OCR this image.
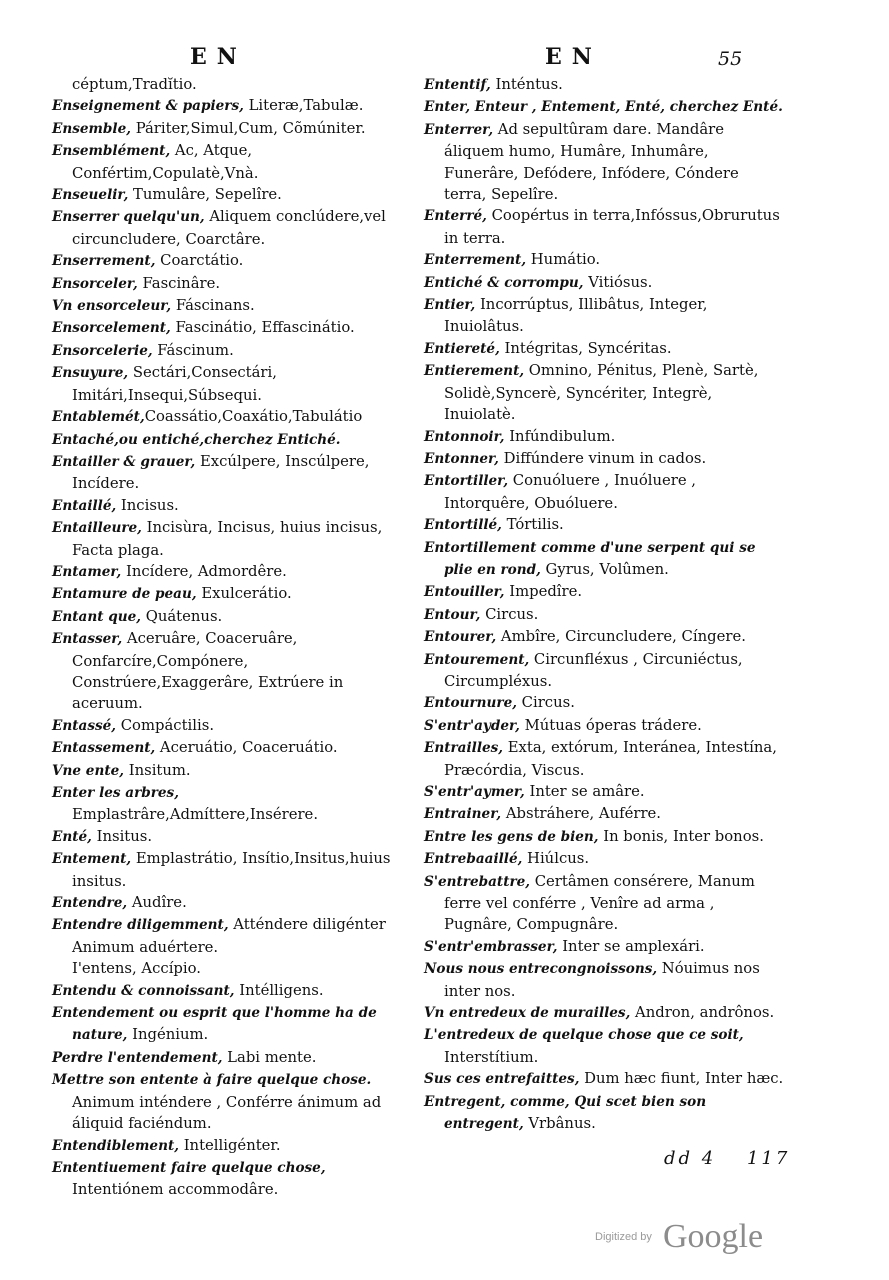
EN	EN	55
céptum,Tradĭtio.
Enseignement & papiers, Literæ,Tabulæ.
Ensemble, Páriter,Simul,Cum, Cõmúniter.
Ensemblément, Ac, Atque, Confértim,Copulatè,Vnà.
Enseuelir, Tumulâre, Sepelîre.
Enserrer quelqu'un, Aliquem conclúdere,vel circuncludere, Coarctâre.
Enserrement, Coarctátio.
Ensorceler, Fascinâre.
Vn ensorceleur, Fáscinans.
Ensorcelement, Fascinátio, Effascinátio.
Ensorcelerie, Fáscinum.
Ensuyure, Sectári,Consectári, Imitári,Insequi,Súbsequi.
Entablemét,Coassátio,Coaxátio,Tabulátio
Entaché,ou entiché,cherchez Entiché.
Entailler & grauer, Excúlpere, Inscúlpere, Incídere.
Entaillé, Incisus.
Entailleure, Incisùra, Incisus, huius incisus, Facta plaga.
Entamer, Incídere, Admordêre.
Entamure de peau, Exulcerátio.
Entant que, Quátenus.
Entasser, Aceruâre, Coaceruâre, Confarcíre,Compónere, Constrúere,Exaggerâre, Extrúere in aceruum.
Entassé, Compáctilis.
Entassement, Aceruátio, Coaceruátio.
Vne ente, Insitum.
Enter les arbres, Emplastrâre,Admíttere,Insérere.
Enté, Insitus.
Entement, Emplastrátio, Insítio,Insitus,huius insitus.
Entendre, Audîre.
Entendre diligemment, Atténdere diligénter Animum aduértere.
I'entens, Accípio.
Entendu & connoissant, Intélligens.
Entendement ou esprit que l'homme ha de nature, Ingénium.
Perdre l'entendement, Labi mente.
Mettre son entente à faire quelque chose. Animum inténdere , Conférre ánimum ad áliquid faciéndum.
Entendiblement, Intelligénter.
Ententiuement faire quelque chose, Intentiónem accommodâre.
Ententif, Inténtus.
Enter, Enteur , Entement, Enté, cherchez Enté.
Enterrer, Ad sepultûram dare. Mandâre áliquem humo, Humâre, Inhumâre, Funerâre, Defódere, Infódere, Cóndere terra, Sepelîre.
Enterré, Coopértus in terra,Infóssus,Obrurutus in terra.
Enterrement, Humátio.
Entiché & corrompu, Vitiósus.
Entier, Incorrúptus, Illibâtus, Integer, Inuiolâtus.
Entiereté, Intégritas, Syncéritas.
Entierement, Omnino, Pénitus, Plenè, Sartè, Solidè,Syncerè, Syncériter, Integrè, Inuiolatè.
Entonnoir, Infúndibulum.
Entonner, Diffúndere vinum in cados.
Entortiller, Conuóluere , Inuóluere , Intorquêre, Obuóluere.
Entortillé, Tórtilis.
Entortillement comme d'une serpent qui se plie en rond, Gyrus, Volûmen.
Entouiller, Impedîre.
Entour, Circus.
Entourer, Ambîre, Circuncludere, Cíngere.
Entourement, Circunfléxus , Circuniéctus, Circumpléxus.
Entournure, Circus.
S'entr'ayder, Mútuas óperas trádere.
Entrailles, Exta, extórum, Interánea, Intestína, Præcórdia, Viscus.
S'entr'aymer, Inter se amâre.
Entrainer, Abstráhere, Auférre.
Entre les gens de bien, In bonis, Inter bonos.
Entrebaaillé, Hiúlcus.
S'entrebattre, Certâmen consérere, Manum ferre vel conférre , Venîre ad arma , Pugnâre, Compugnâre.
S'entr'embrasser, Inter se amplexári.
Nous nous entrecongnoissons, Nóuimus nos inter nos.
Vn entredeux de murailles, Andron, andrônos.
L'entredeux de quelque chose que ce soit, Interstítium.
Sus ces entrefaittes, Dum hæc fiunt, Inter hæc.
Entregent, comme, Qui scet bien son entregent, Vrbânus.
dd 4 117
Digitized by Google
